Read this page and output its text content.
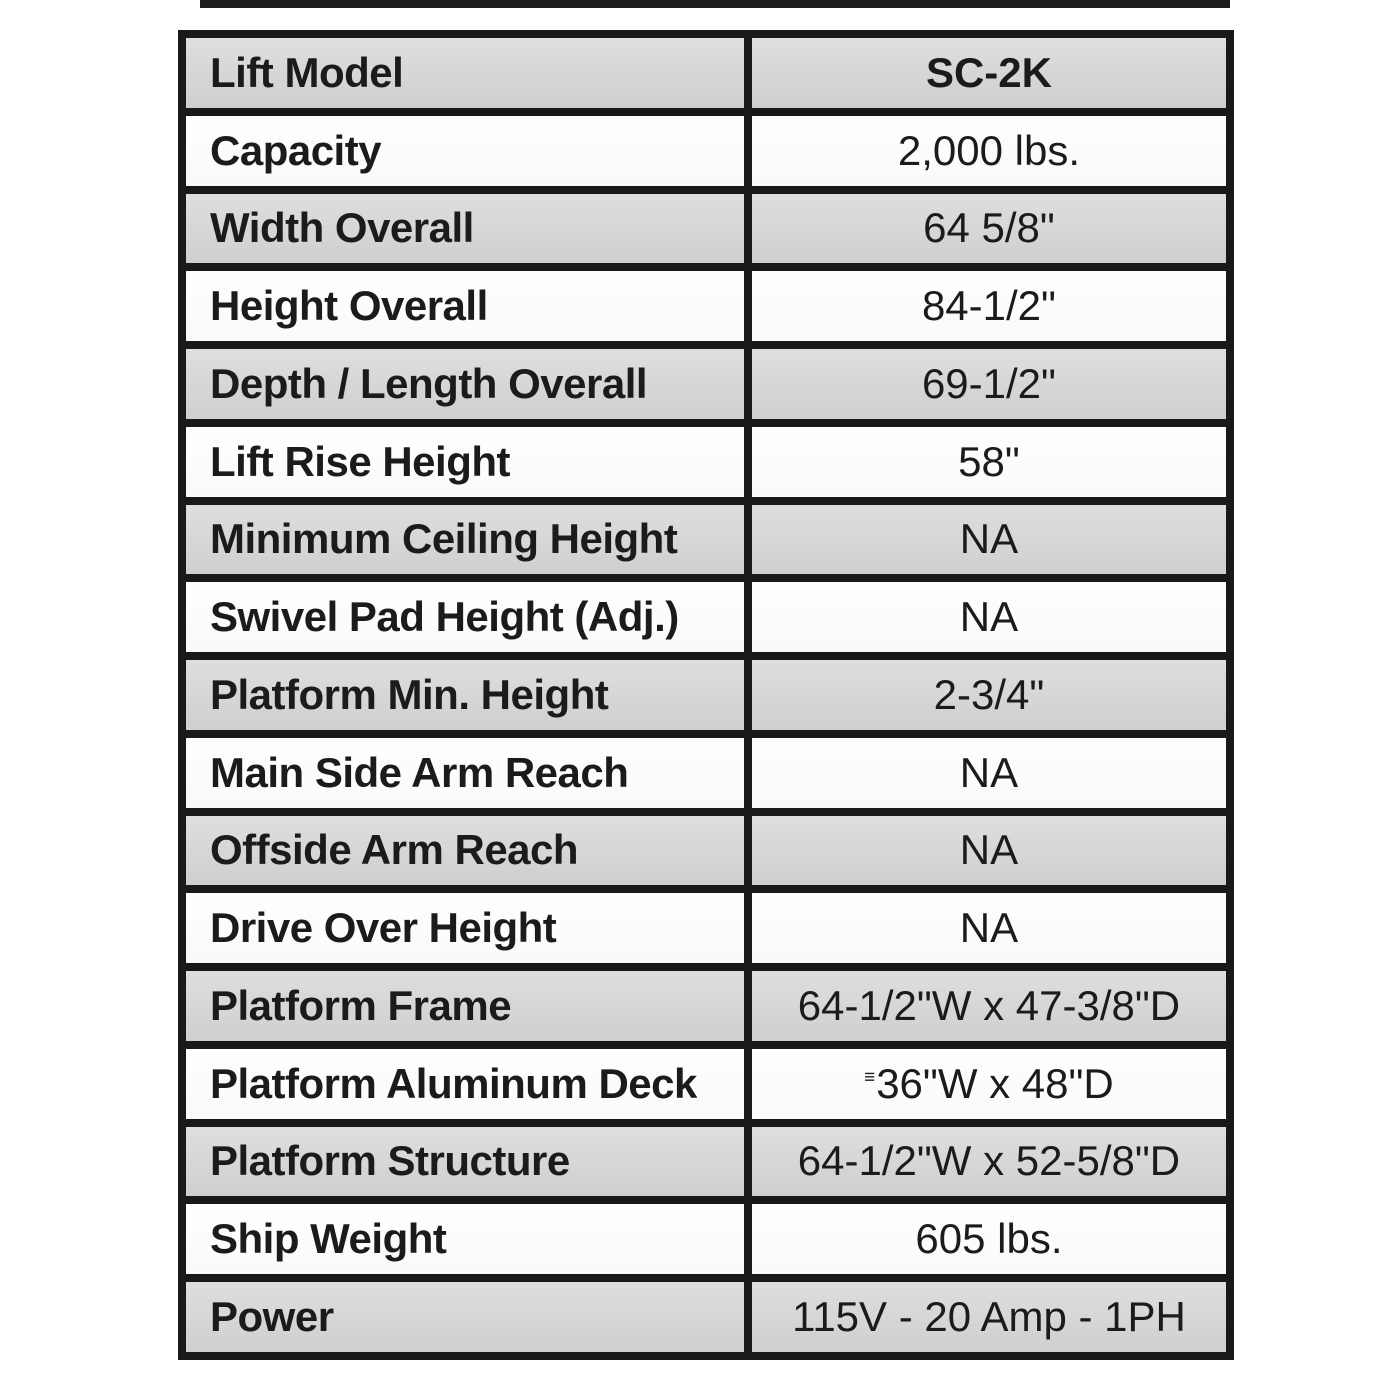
Lift Model	SC-2K
Capacity	2,000 lbs.
Width Overall	64 5/8"
Height Overall	84-1/2"
Depth / Length Overall	69-1/2"
Lift Rise Height	58"
Minimum Ceiling Height	NA
Swivel Pad Height (Adj.)	NA
Platform Min. Height	2-3/4"
Main Side Arm Reach	NA
Offside Arm Reach	NA
Drive Over Height	NA
Platform Frame	64-1/2"W x 47-3/8"D
Platform Aluminum Deck	≡36"W x 48"D
Platform Structure	64-1/2"W x 52-5/8"D
Ship Weight	605 lbs.
Power	115V - 20 Amp - 1PH
